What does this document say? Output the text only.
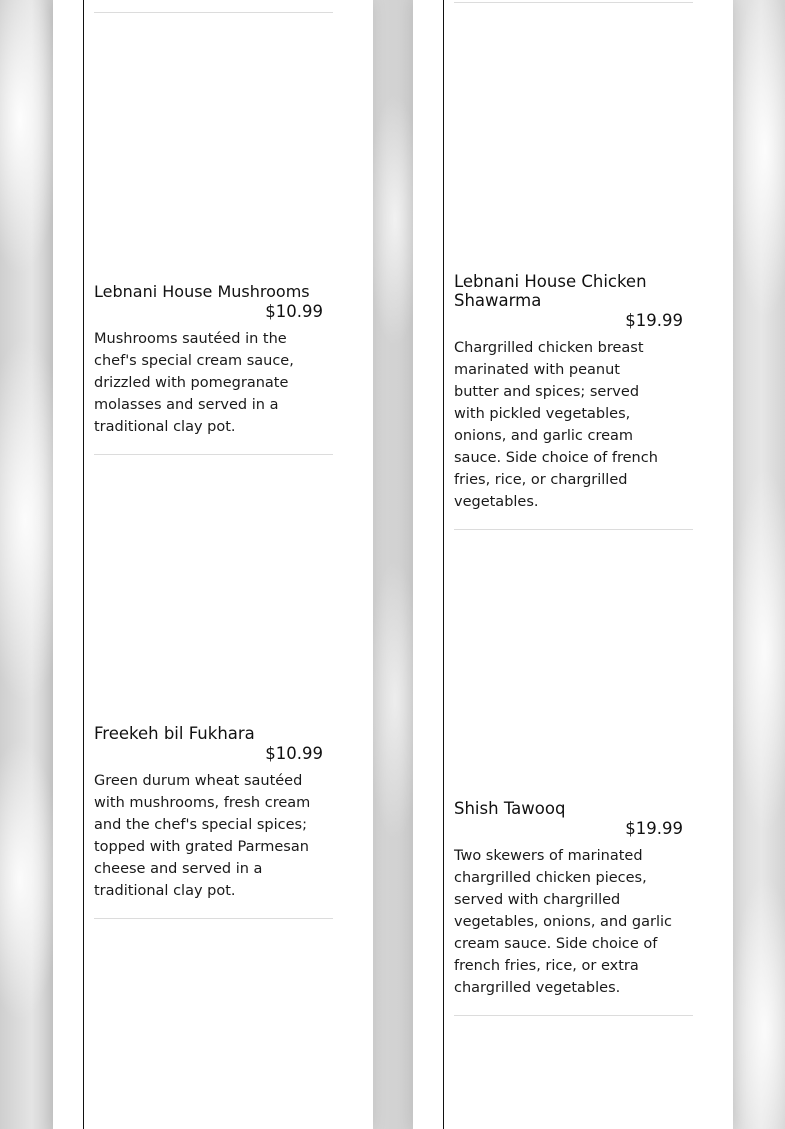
Lebnani House Mushrooms
$10.99

Mushrooms sautéed in the chef's special cream sauce, drizzled with pomegranate molasses and served in a traditional clay pot.

Freekeh bil Fukhara
$10.99

Green durum wheat sautéed with mushrooms, fresh cream and the chef's special spices; topped with grated Parmesan cheese and served in a traditional clay pot.

Lebnani House Chicken Shawarma
$19.99

Chargrilled chicken breast marinated with peanut butter and spices; served with pickled vegetables, onions, and garlic cream sauce. Side choice of french fries, rice, or chargrilled vegetables.

Shish Tawooq
$19.99

Two skewers of marinated chargrilled chicken pieces, served with chargrilled vegetables, onions, and garlic cream sauce. Side choice of french fries, rice, or extra chargrilled vegetables.
